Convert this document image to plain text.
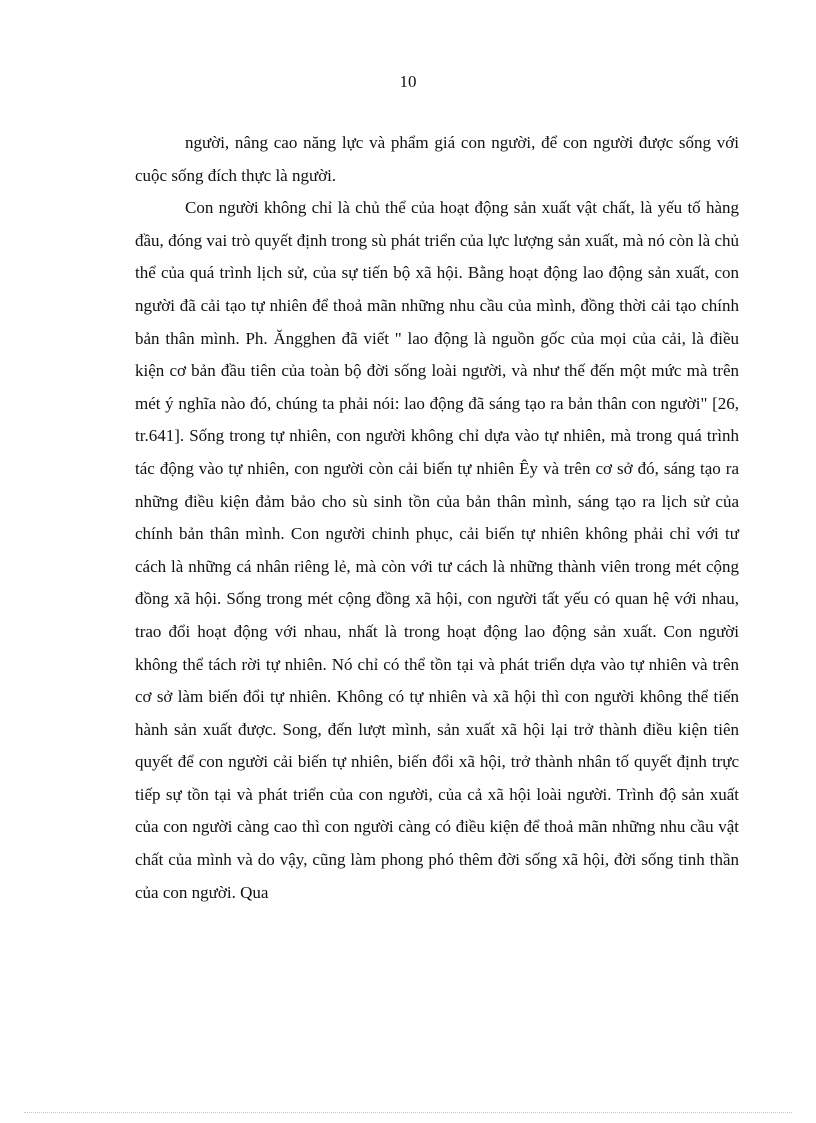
10

người, nâng cao năng lực và phẩm giá con người, để con người được sống với cuộc sống đích thực là người.

Con người không chỉ là chủ thể của hoạt động sản xuất vật chất, là yếu tố hàng đầu, đóng vai trò quyết định trong sù phát triển của lực lượng sản xuất, mà nó còn là chủ thể của quá trình lịch sử, của sự tiến bộ xã hội. Bằng hoạt động lao động sản xuất, con người đã cải tạo tự nhiên để thoả mãn những nhu cầu của mình, đồng thời cải tạo chính bản thân mình. Ph. Ăngghen đã viết " lao động là nguồn gốc của mọi của cải, là điều kiện cơ bản đầu tiên của toàn bộ đời sống loài người, và như thế đến một mức mà trên mét ý nghĩa nào đó, chúng ta phải nói: lao động đã sáng tạo ra bản thân con người" [26, tr.641]. Sống trong tự nhiên, con người không chỉ dựa vào tự nhiên, mà trong quá trình tác động vào tự nhiên, con người còn cải biến tự nhiên Êy và trên cơ sở đó, sáng tạo ra những điều kiện đảm bảo cho sù sinh tồn của bản thân mình, sáng tạo ra lịch sử của chính bản thân mình. Con người chinh phục, cải biến tự nhiên không phải chỉ với tư cách là những cá nhân riêng lẻ, mà còn với tư cách là những thành viên trong mét cộng đồng xã hội. Sống trong mét cộng đồng xã hội, con người tất yếu có quan hệ với nhau, trao đổi hoạt động với nhau, nhất là trong hoạt động lao động sản xuất. Con người không thể tách rời tự nhiên. Nó chỉ có thể tồn tại và phát triển dựa vào tự nhiên và trên cơ sở làm biến đổi tự nhiên. Không có tự nhiên và xã hội thì con người không thể tiến hành sản xuất được. Song, đến lượt mình, sản xuất xã hội lại trở thành điều kiện tiên quyết để con người cải biến tự nhiên, biến đổi xã hội, trở thành nhân tố quyết định trực tiếp sự tồn tại và phát triển của con người, của cả xã hội loài người. Trình độ sản xuất của con người càng cao thì con người càng có điều kiện để thoả mãn những nhu cầu vật chất của mình và do vậy, cũng làm phong phó thêm đời sống xã hội, đời sống tinh thần của con người. Qua
